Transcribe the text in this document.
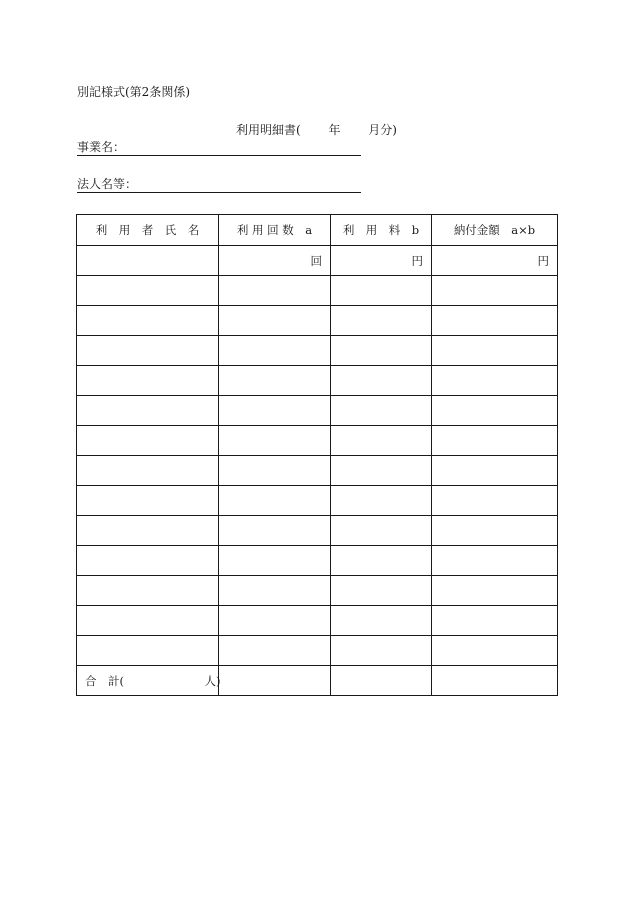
別記様式(第2条関係)
利用明細書(　　 年　　 月分)
事業名：
法人名等：
利　用　者　氏　名	利 用 回 数　a	利　用　料　b	納付金額　a×b
	回	円	円

合　計(　　　　　　　人)			
